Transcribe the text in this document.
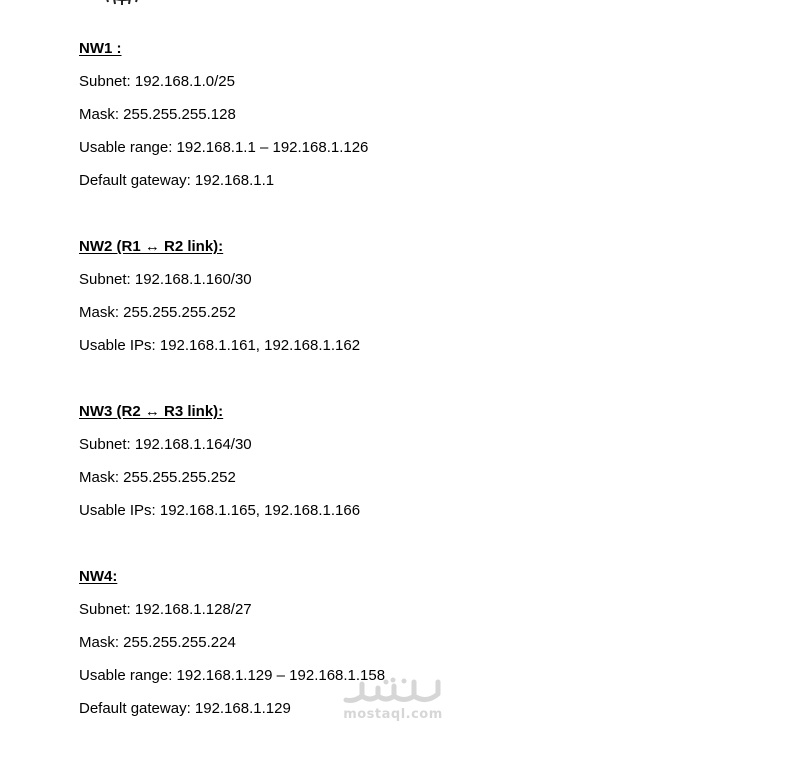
NW1 :
Subnet: 192.168.1.0/25
Mask: 255.255.255.128
Usable range: 192.168.1.1 – 192.168.1.126
Default gateway: 192.168.1.1
NW2 (R1 ↔ R2 link):
Subnet: 192.168.1.160/30
Mask: 255.255.255.252
Usable IPs: 192.168.1.161, 192.168.1.162
NW3 (R2 ↔ R3 link):
Subnet: 192.168.1.164/30
Mask: 255.255.255.252
Usable IPs: 192.168.1.165, 192.168.1.166
NW4:
Subnet: 192.168.1.128/27
Mask: 255.255.255.224
Usable range: 192.168.1.129 – 192.168.1.158
Default gateway: 192.168.1.129	mostaql.com
